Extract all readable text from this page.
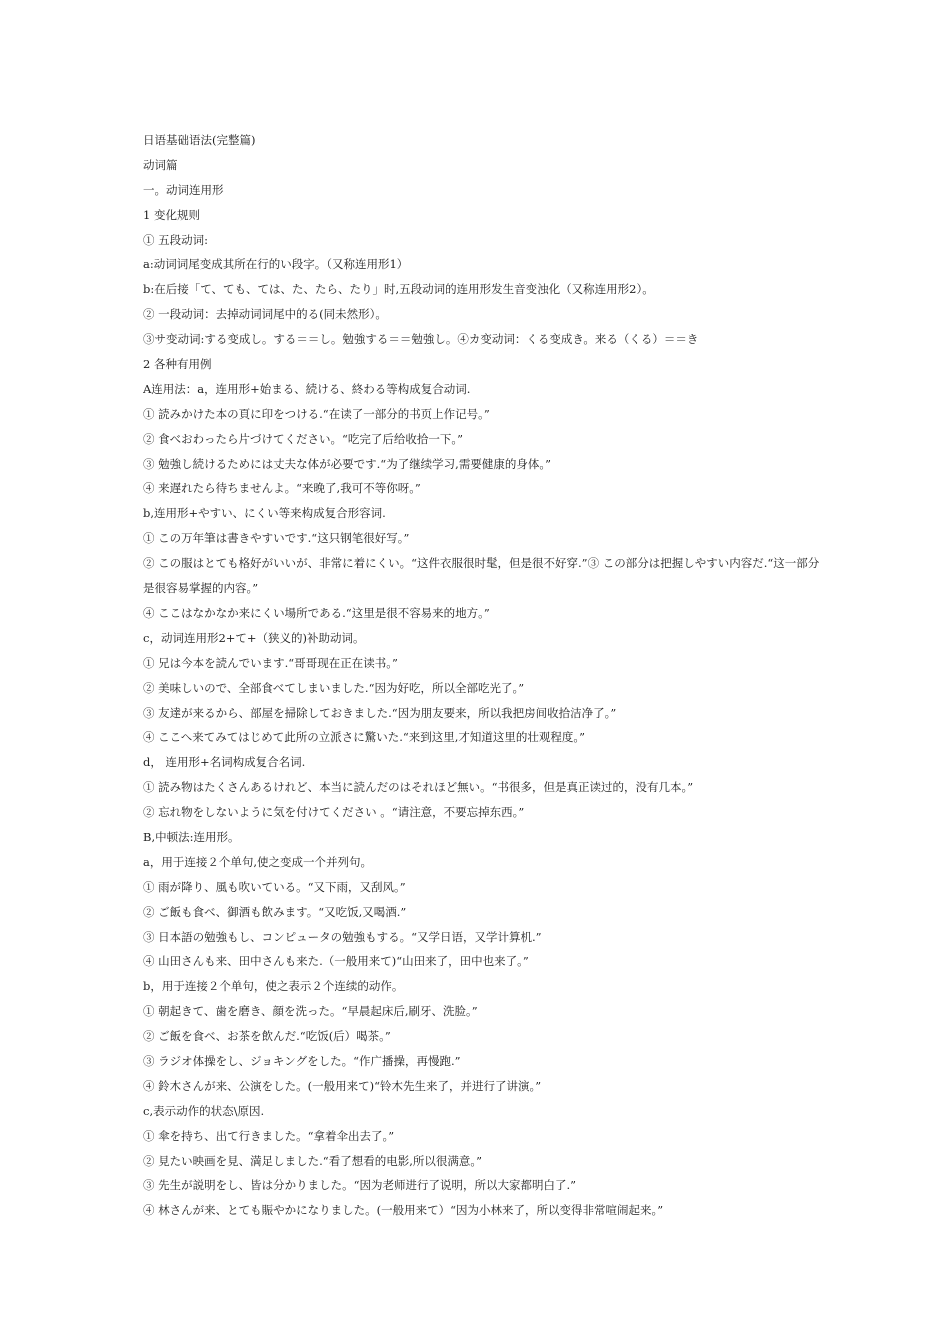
日语基础语法(完整篇)
动词篇
一。动词连用形
1 变化规则
① 五段动词:
a:动词词尾变成其所在行的い段字。（又称连用形1）
b:在后接「て、ても、ては、た、たら、たり」时,五段动词的连用形发生音变浊化（又称连用形2）。
② 一段动词：去掉动词词尾中的る(同未然形）。
③サ变动词:する变成し。する＝＝し。勉強する＝＝勉強し。④カ变动词：くる变成き。来る（くる）＝＝き
2 各种有用例
A连用法：a，连用形+始まる、続ける、終わる等构成复合动词.
① 読みかけた本の頁に印をつける.“在读了一部分的书页上作记号。”
② 食べおわったら片づけてください。“吃完了后给收拾一下。”
③ 勉強し続けるためには丈夫な体が必要です.“为了继续学习,需要健康的身体。”
④ 来遅れたら待ちませんよ。“来晚了,我可不等你呀。”
b,连用形+やすい、にくい等来构成复合形容词.
① この万年筆は書きやすいです.“这只钢笔很好写。”
② この服はとても格好がいいが、非常に着にくい。“这件衣服很时髦，但是很不好穿.”③ この部分は把握しやすい内容だ.“这一部分是很容易掌握的内容。”
④ ここはなかなか来にくい場所である.“这里是很不容易来的地方。”
c，动词连用形2+て+（狭义的)补助动词。
① 兄は今本を読んでいます.“哥哥现在正在读书。”
② 美味しいので、全部食べてしまいました.“因为好吃，所以全部吃光了。”
③ 友達が来るから、部屋を掃除しておきました.“因为朋友要来，所以我把房间收拾洁净了。”
④ ここへ来てみてはじめて此所の立派さに驚いた.“来到这里,才知道这里的壮观程度。”
d， 连用形+名词构成复合名词.
① 読み物はたくさんあるけれど、本当に読んだのはそれほど無い。“书很多，但是真正读过的，没有几本。”
② 忘れ物をしないように気を付けてください 。“请注意，不要忘掉东西。”
B,中顿法:连用形。
a，用于连接２个单句,使之变成一个并列句。
① 雨が降り、風も吹いている。“又下雨，又刮风。”
② ご飯も食べ、御酒も飲みます。“又吃饭,又喝酒.”
③ 日本語の勉強もし、コンピュータの勉強もする。“又学日语，又学计算机.”
④ 山田さんも来、田中さんも来た.（一般用来て)“山田来了，田中也来了。”
b，用于连接２个单句，使之表示２个连续的动作。
① 朝起きて、歯を磨き、顔を洗った。“早晨起床后,刷牙、洗脸。”
② ご飯を食べ、お茶を飲んだ.“吃饭(后）喝茶。”
③ ラジオ体操をし、ジョキングをした。“作广播操，再慢跑.”
④ 鈴木さんが来、公演をした。(一般用来て)“铃木先生来了，并进行了讲演。”
c,表示动作的状态\原因.
① 傘を持ち、出て行きました。“拿着伞出去了。”
② 見たい映画を見、満足しました.“看了想看的电影,所以很满意。”
③ 先生が説明をし、皆は分かりました。“因为老师进行了说明，所以大家都明白了.”
④ 林さんが来、とても賑やかになりました。(一般用来て）“因为小林来了，所以变得非常喧闹起来。”
